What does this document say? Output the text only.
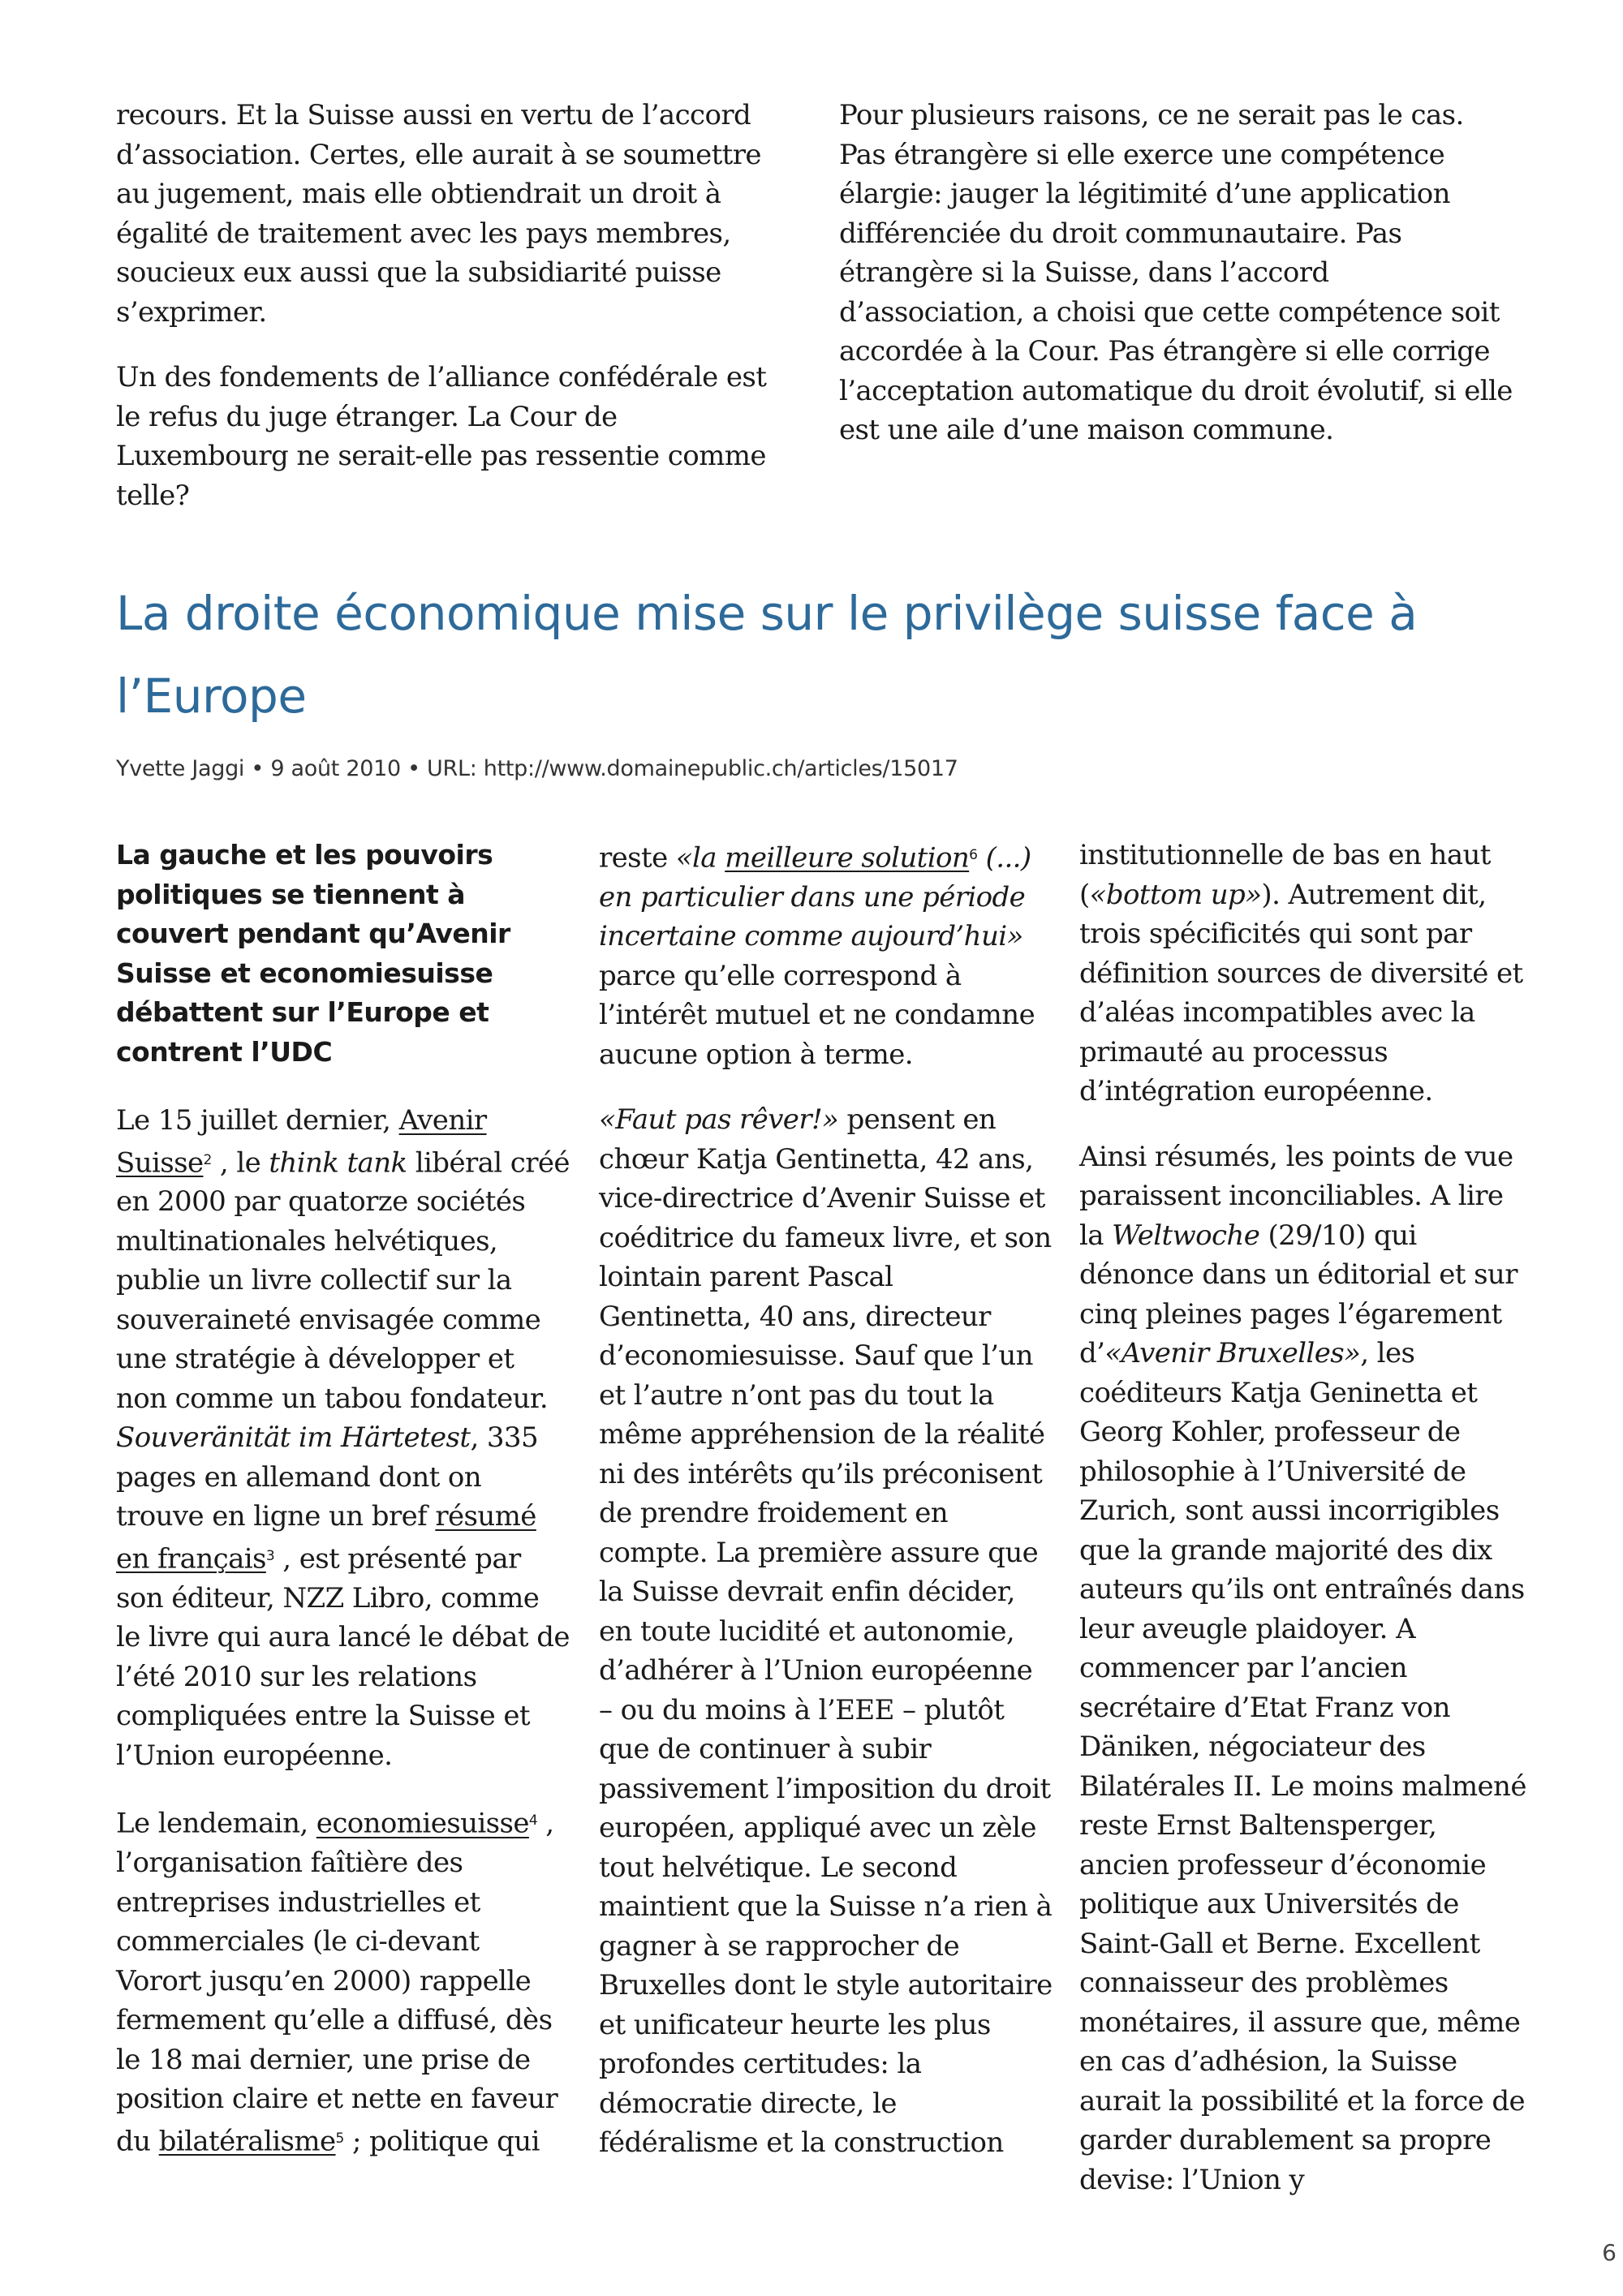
recours. Et la Suisse aussi en vertu de l’accord d’association. Certes, elle aurait à se soumettre au jugement, mais elle obtiendrait un droit à égalité de traitement avec les pays membres, soucieux eux aussi que la subsidiarité puisse s’exprimer.

Un des fondements de l’alliance confédérale est le refus du juge étranger. La Cour de Luxembourg ne serait-elle pas ressentie comme telle?

Pour plusieurs raisons, ce ne serait pas le cas. Pas étrangère si elle exerce une compétence élargie: jauger la légitimité d’une application différenciée du droit communautaire. Pas étrangère si la Suisse, dans l’accord d’association, a choisi que cette compétence soit accordée à la Cour. Pas étrangère si elle corrige l’acceptation automatique du droit évolutif, si elle est une aile d’une maison commune.

La droite économique mise sur le privilège suisse face à l’Europe
Yvette Jaggi • 9 août 2010 • URL: http://www.domainepublic.ch/articles/15017

La gauche et les pouvoirs politiques se tiennent à couvert pendant qu’Avenir Suisse et economiesuisse débattent sur l’Europe et contrent l’UDC

Le 15 juillet dernier, Avenir Suisse$^2$ , le think tank libéral créé en 2000 par quatorze sociétés multinationales helvétiques, publie un livre collectif sur la souveraineté envisagée comme une stratégie à développer et non comme un tabou fondateur. Souveränität im Härtetest, 335 pages en allemand dont on trouve en ligne un bref résumé en français$^3$ , est présenté par son éditeur, NZZ Libro, comme le livre qui aura lancé le débat de l’été 2010 sur les relations compliquées entre la Suisse et l’Union européenne.

Le lendemain, economiesuisse$^4$ , l’organisation faîtière des entreprises industrielles et commerciales (le ci-devant Vorort jusqu’en 2000) rappelle fermement qu’elle a diffusé, dès le 18 mai dernier, une prise de position claire et nette en faveur du bilatéralisme$^5$ ; politique qui

reste «la meilleure solution$^6$ (...) en particulier dans une période incertaine comme aujourd’hui» parce qu’elle correspond à l’intérêt mutuel et ne condamne aucune option à terme.

«Faut pas rêver!» pensent en chœur Katja Gentinetta, 42 ans, vice-directrice d’Avenir Suisse et coéditrice du fameux livre, et son lointain parent Pascal Gentinetta, 40 ans, directeur d’economiesuisse. Sauf que l’un et l’autre n’ont pas du tout la même appréhension de la réalité ni des intérêts qu’ils préconisent de prendre froidement en compte. La première assure que la Suisse devrait enfin décider, en toute lucidité et autonomie, d’adhérer à l’Union européenne – ou du moins à l’EEE – plutôt que de continuer à subir passivement l’imposition du droit européen, appliqué avec un zèle tout helvétique. Le second maintient que la Suisse n’a rien à gagner à se rapprocher de Bruxelles dont le style autoritaire et unificateur heurte les plus profondes certitudes: la démocratie directe, le fédéralisme et la construction

institutionnelle de bas en haut («bottom up»). Autrement dit, trois spécificités qui sont par définition sources de diversité et d’aléas incompatibles avec la primauté au processus d’intégration européenne.

Ainsi résumés, les points de vue paraissent inconciliables. A lire la Weltwoche (29/10) qui dénonce dans un éditorial et sur cinq pleines pages l’égarement d’«Avenir Bruxelles», les coéditeurs Katja Geninetta et Georg Kohler, professeur de philosophie à l’Université de Zurich, sont aussi incorrigibles que la grande majorité des dix auteurs qu’ils ont entraînés dans leur aveugle plaidoyer. A commencer par l’ancien secrétaire d’Etat Franz von Däniken, négociateur des Bilatérales II. Le moins malmené reste Ernst Baltensperger, ancien professeur d’économie politique aux Universités de Saint-Gall et Berne. Excellent connaisseur des problèmes monétaires, il assure que, même en cas d’adhésion, la Suisse aurait la possibilité et la force de garder durablement sa propre devise: l’Union y

6
